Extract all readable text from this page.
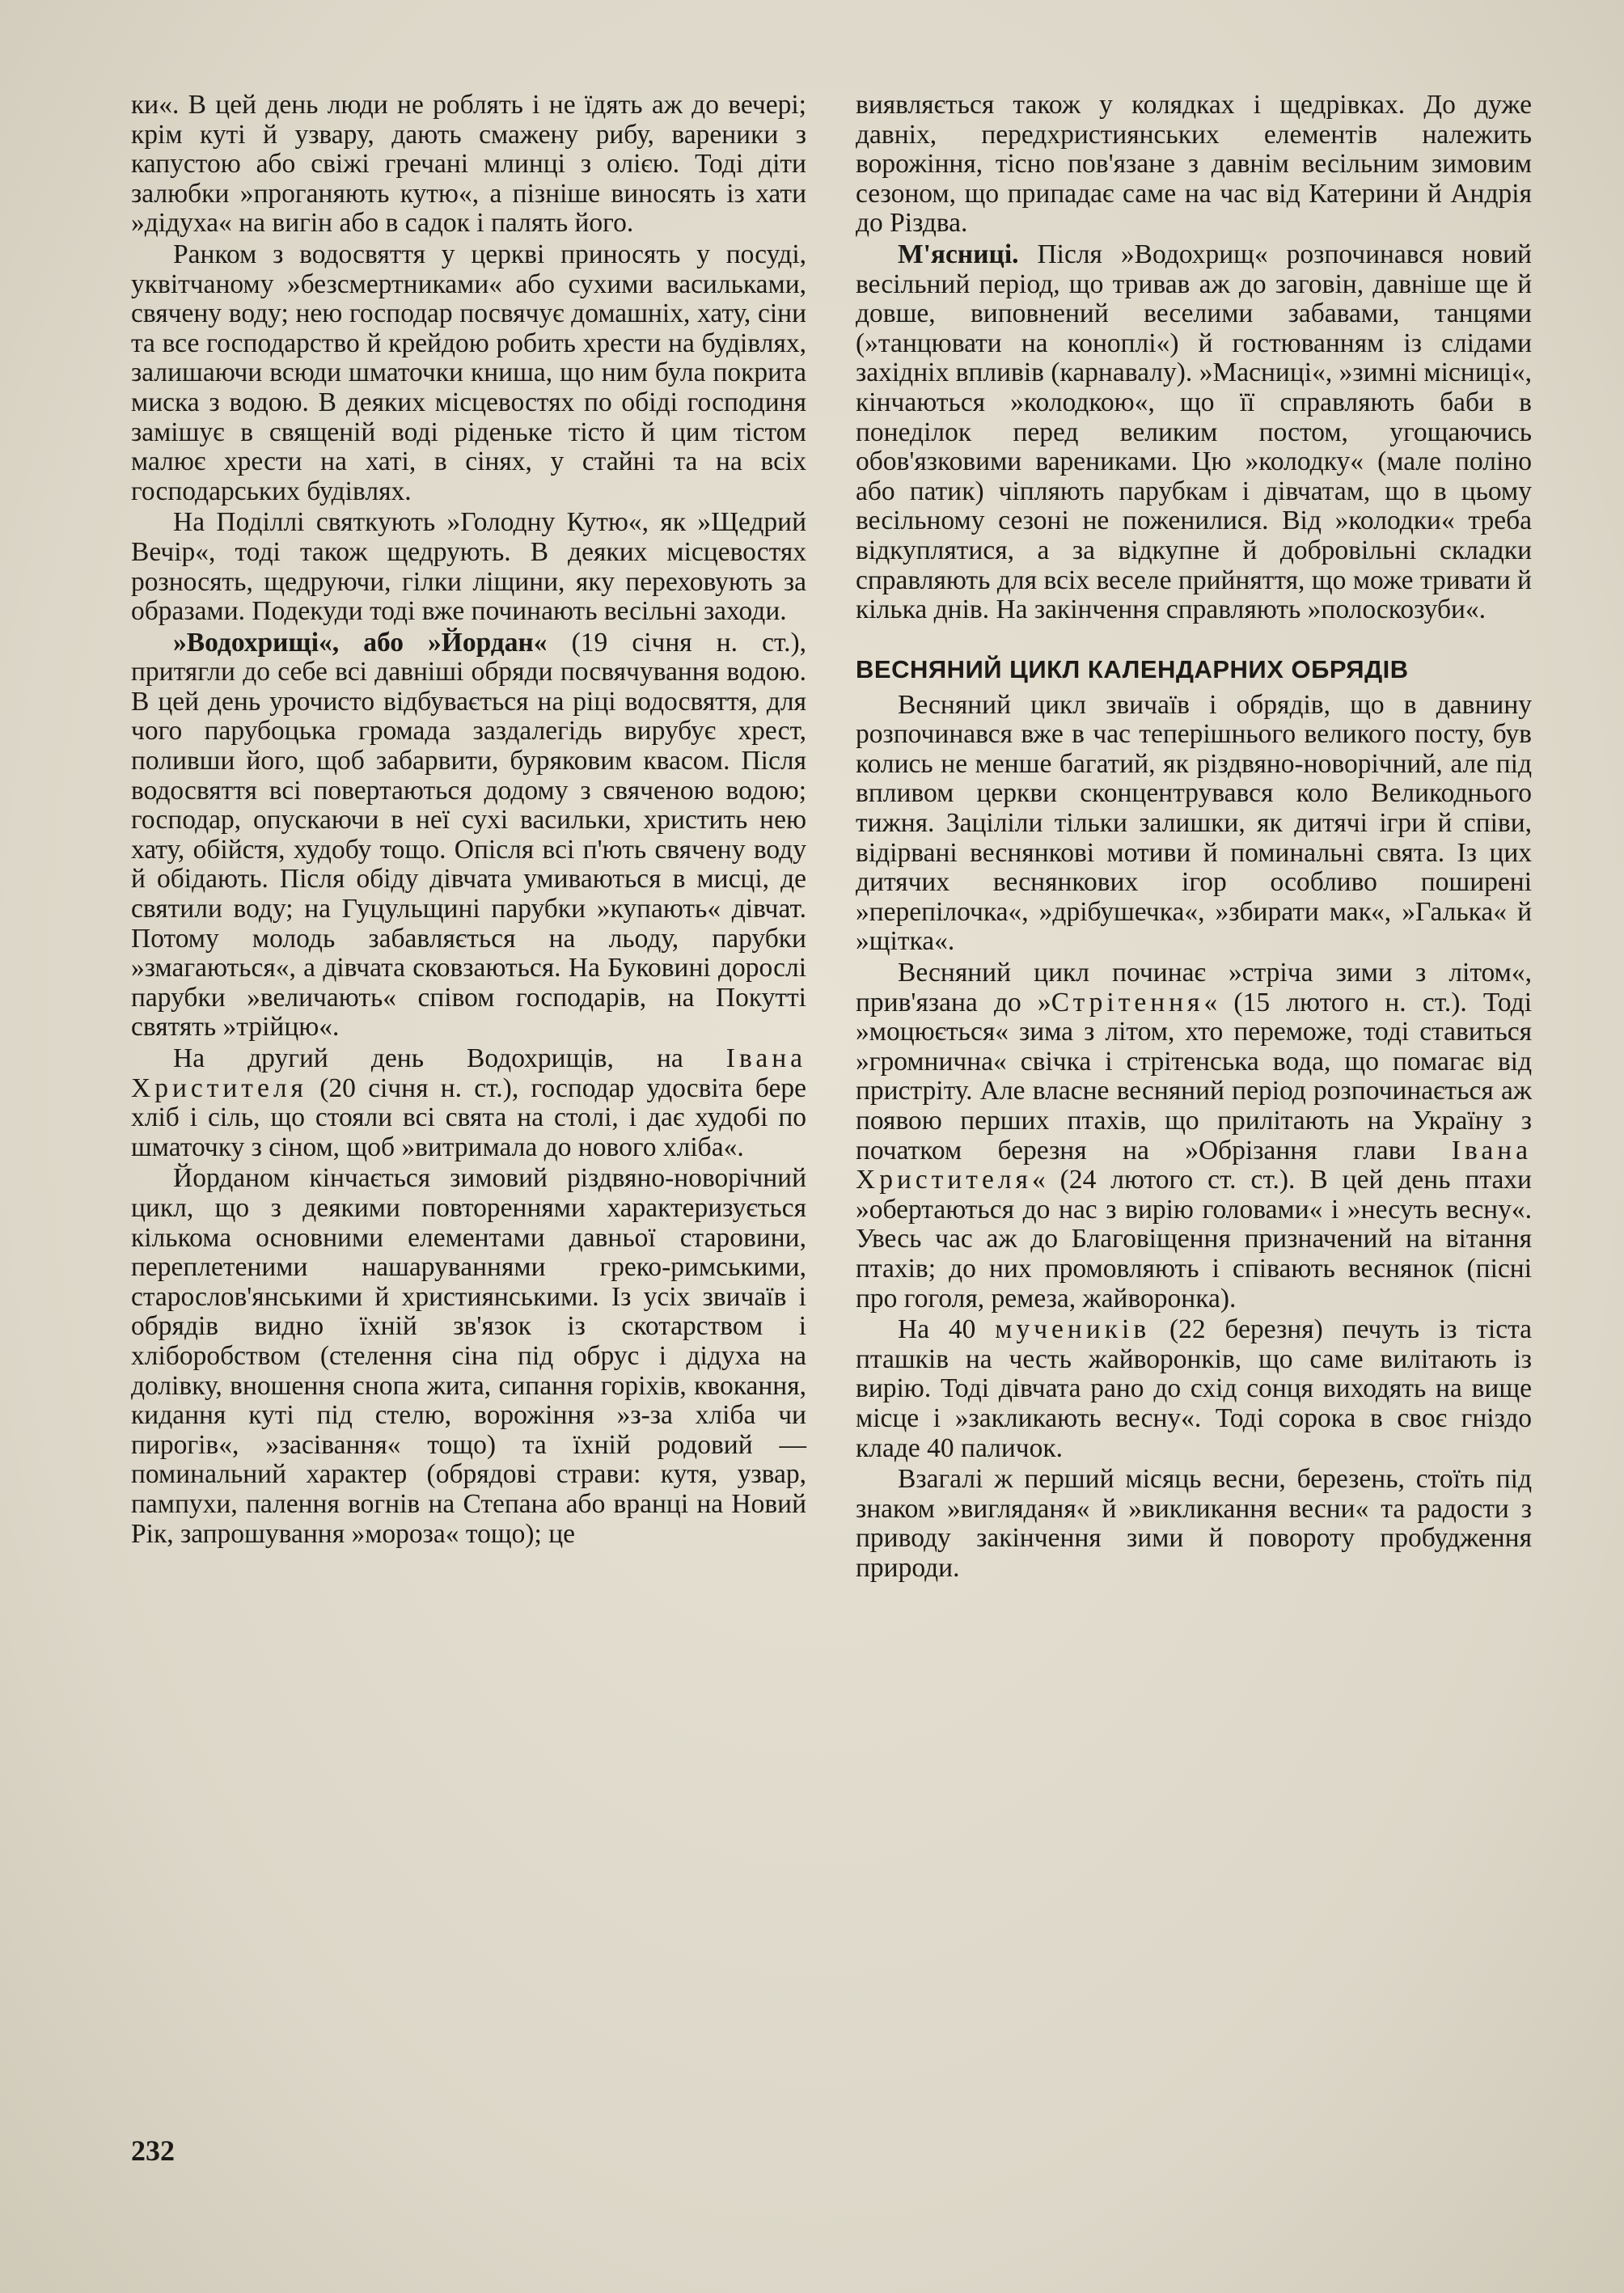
ки«. В цей день люди не роблять і не їдять аж до вечері; крім куті й узвару, дають смажену рибу, вареники з капустою або свіжі гречані млинці з олією. Тоді діти залюбки »проганяють кутю«, а пізніше виносять із хати »дідуха« на вигін або в садок і палять його.

Ранком з водосвяття у церкві приносять у посуді, уквітчаному »безсмертниками« або сухими васильками, свячену воду; нею господар посвячує домашніх, хату, сіни та все господарство й крейдою робить хрести на будівлях, залишаючи всюди шматочки книша, що ним була покрита миска з водою. В деяких місцевостях по обіді господиня замішує в священій воді ріденьке тісто й цим тістом малює хрести на хаті, в сінях, у стайні та на всіх господарських будівлях.

На Поділлі святкують »Голодну Кутю«, як »Щедрий Вечір«, тоді також щедрують. В деяких місцевостях розносять, щедруючи, гілки ліщини, яку переховують за образами. Подекуди тоді вже починають весільні заходи.

»Водохрищі«, або »Йордан« (19 січня н. ст.), притягли до себе всі давніші обряди посвячування водою. В цей день урочисто відбувається на ріці водосвяття, для чого парубоцька громада заздалегідь вирубує хрест, поливши його, щоб забарвити, буряковим квасом. Після водосвяття всі повертаються додому з свяченою водою; господар, опускаючи в неї сухі васильки, христить нею хату, обійстя, худобу тощо. Опісля всі п'ють свячену воду й обідають. Після обіду дівчата умиваються в мисці, де святили воду; на Гуцульщині парубки »купають« дівчат. Потому молодь забавляється на льоду, парубки »змагаються«, а дівчата сковзаються. На Буковині дорослі парубки »величають« співом господарів, на Покутті святять »трійцю«.

На другий день Водохрищів, на Івана Христителя (20 січня н. ст.), господар удосвіта бере хліб і сіль, що стояли всі свята на столі, і дає худобі по шматочку з сіном, щоб »витримала до нового хліба«.

Йорданом кінчається зимовий різдвяно-новорічний цикл, що з деякими повтореннями характеризується кількома основними елементами давньої старовини, переплетеними нашаруваннями греко-римськими, старослов'янськими й християнськими. Із усіх звичаїв і обрядів видно їхній зв'язок із скотарством і хліборобством (стелення сіна під обрус і дідуха на долівку, вношення снопа жита, сипання горіхів, квокання, кидання куті під стелю, ворожіння »з-за хліба чи пирогів«, »засівання« тощо) та їхній родовий — поминальний характер (обрядові страви: кутя, узвар, пампухи, палення вогнів на Степана або вранці на Новий Рік, запрошування »мороза« тощо); це

виявляється також у колядках і щедрівках. До дуже давніх, передхристиянських елементів належить ворожіння, тісно пов'язане з давнім весільним зимовим сезоном, що припадає саме на час від Катерини й Андрія до Різдва.

М'ясниці. Після »Водохрищ« розпочинався новий весільний період, що тривав аж до заговін, давніше ще й довше, виповнений веселими забавами, танцями (»танцювати на коноплі«) й гостюванням із слідами західніх впливів (карнавалу). »Масниці«, »зимні місниці«, кінчаються »колодкою«, що її справляють баби в понеділок перед великим постом, угощаючись обов'язковими варениками. Цю »колодку« (мале поліно або патик) чіпляють парубкам і дівчатам, що в цьому весільному сезоні не поженилися. Від »колодки« треба відкуплятися, а за відкупне й добровільні складки справляють для всіх веселе прийняття, що може тривати й кілька днів. На закінчення справляють »полоскозуби«.

ВЕСНЯНИЙ ЦИКЛ КАЛЕНДАРНИХ ОБРЯДІВ

Весняний цикл звичаїв і обрядів, що в давнину розпочинався вже в час теперішнього великого посту, був колись не менше багатий, як різдвяно-новорічний, але під впливом церкви сконцентрувався коло Великоднього тижня. Заціліли тільки залишки, як дитячі ігри й співи, відірвані веснянкові мотиви й поминальні свята. Із цих дитячих веснянкових ігор особливо поширені »перепілочка«, »дрібушечка«, »збирати мак«, »Галька« й »щітка«.

Весняний цикл починає »стріча зими з літом«, прив'язана до »Стрітення« (15 лютого н. ст.). Тоді »моцюється« зима з літом, хто переможе, тоді ставиться »громнична« свічка і стрітенська вода, що помагає від пристріту. Але власне весняний період розпочинається аж появою перших птахів, що прилітають на Україну з початком березня на »Обрізання глави Івана Христителя« (24 лютого ст. ст.). В цей день птахи »обертаються до нас з вирію головами« і »несуть весну«. Увесь час аж до Благовіщення призначений на вітання птахів; до них промовляють і співають веснянок (пісні про гоголя, ремеза, жайворонка).

На 40 мучеників (22 березня) печуть із тіста пташків на честь жайворонків, що саме вилітають із вирію. Тоді дівчата рано до схід сонця виходять на вище місце і »закликають весну«. Тоді сорока в своє гніздо кладе 40 паличок.

Взагалі ж перший місяць весни, березень, стоїть під знаком »вигляданя« й »викликання весни« та радости з приводу закінчення зими й повороту пробудження природи.

232
